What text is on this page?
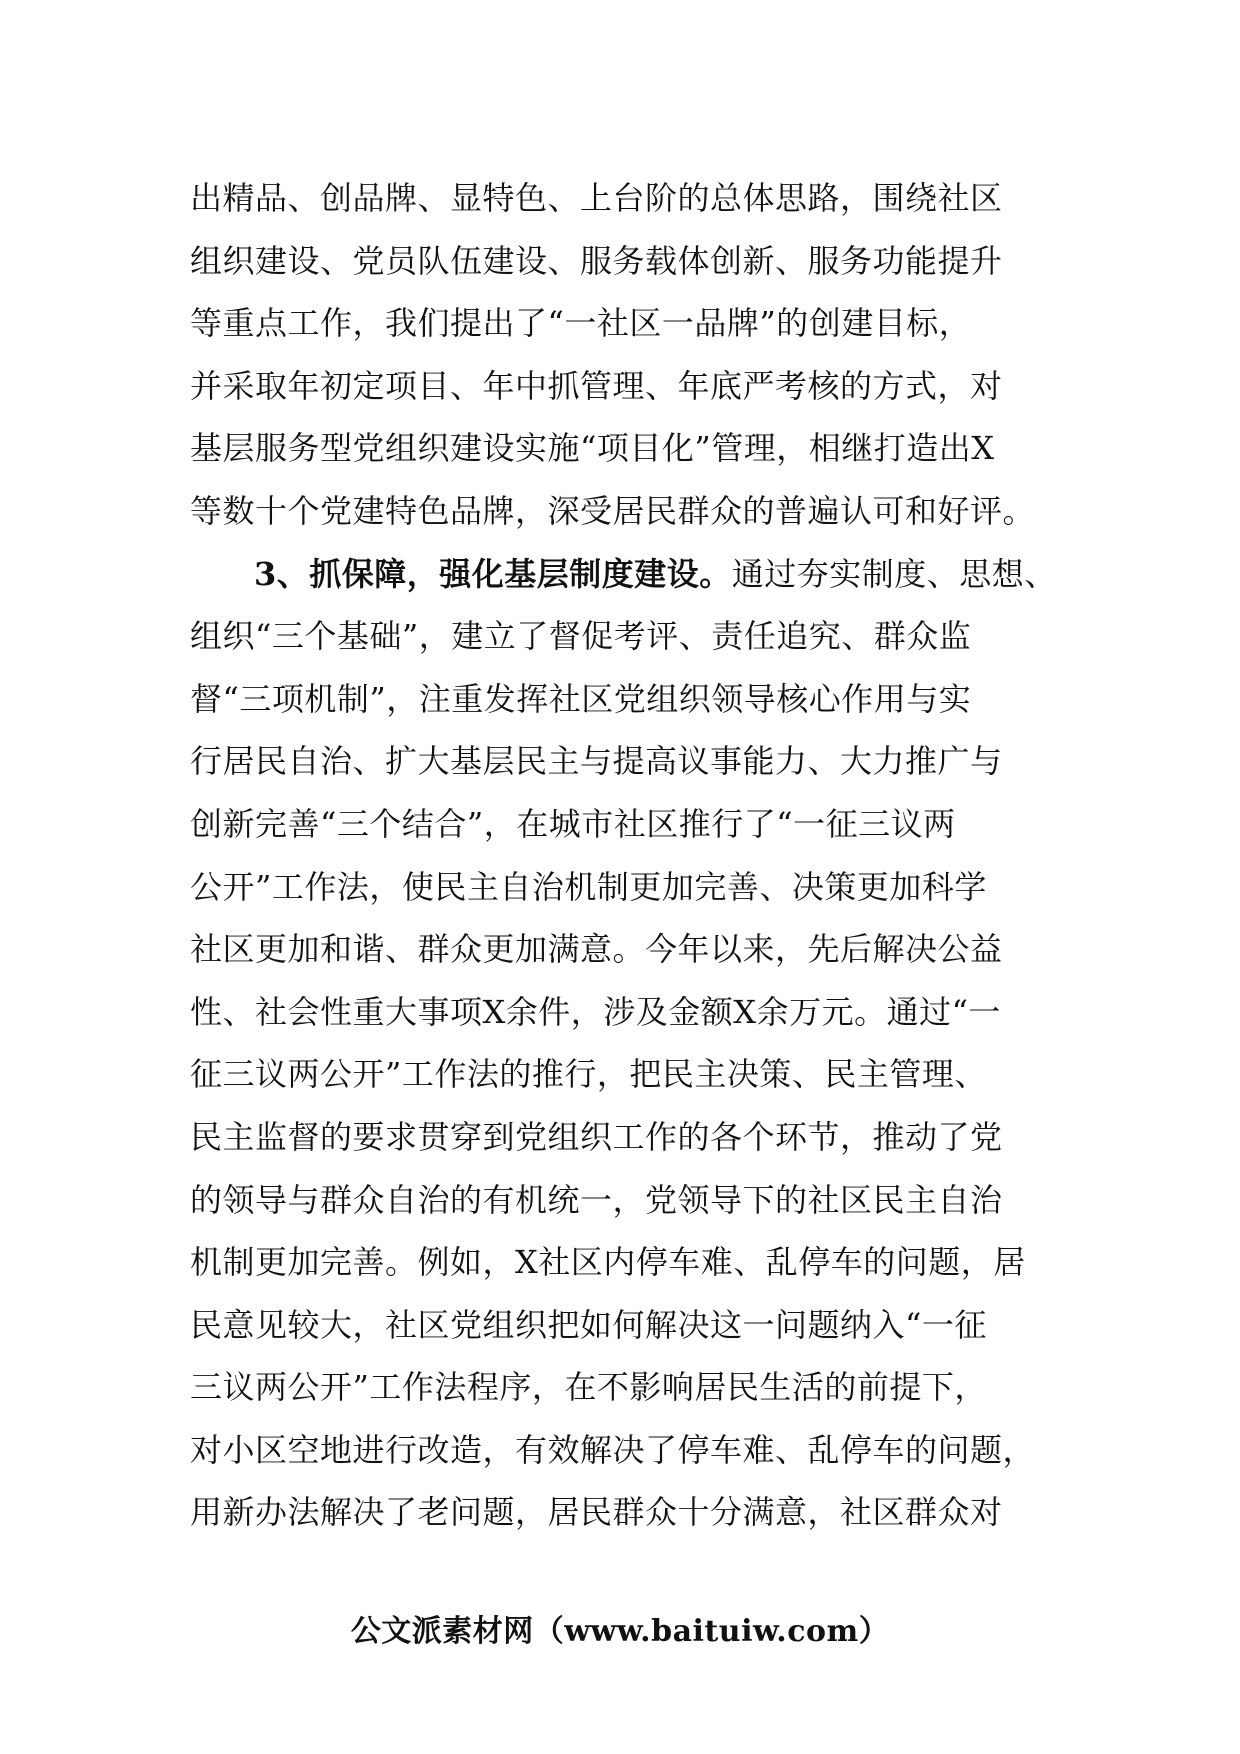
出精品、创品牌、显特色、上台阶的总体思路，围绕社区
组织建设、党员队伍建设、服务载体创新、服务功能提升
等重点工作，我们提出了“一社区一品牌”的创建目标，
并采取年初定项目、年中抓管理、年底严考核的方式，对
基层服务型党组织建设实施“项目化”管理，相继打造出X
等数十个党建特色品牌，深受居民群众的普遍认可和好评。
3、抓保障，强化基层制度建设。通过夯实制度、思想、
组织“三个基础”，建立了督促考评、责任追究、群众监
督“三项机制”，注重发挥社区党组织领导核心作用与实
行居民自治、扩大基层民主与提高议事能力、大力推广与
创新完善“三个结合”，在城市社区推行了“一征三议两
公开”工作法，使民主自治机制更加完善、决策更加科学
社区更加和谐、群众更加满意。今年以来，先后解决公益
性、社会性重大事项X余件，涉及金额X余万元。通过“一
征三议两公开”工作法的推行，把民主决策、民主管理、
民主监督的要求贯穿到党组织工作的各个环节，推动了党
的领导与群众自治的有机统一，党领导下的社区民主自治
机制更加完善。例如，X社区内停车难、乱停车的问题，居
民意见较大，社区党组织把如何解决这一问题纳入“一征
三议两公开”工作法程序，在不影响居民生活的前提下，
对小区空地进行改造，有效解决了停车难、乱停车的问题，
用新办法解决了老问题，居民群众十分满意，社区群众对
公文派素材网（www.baituiw.com）
